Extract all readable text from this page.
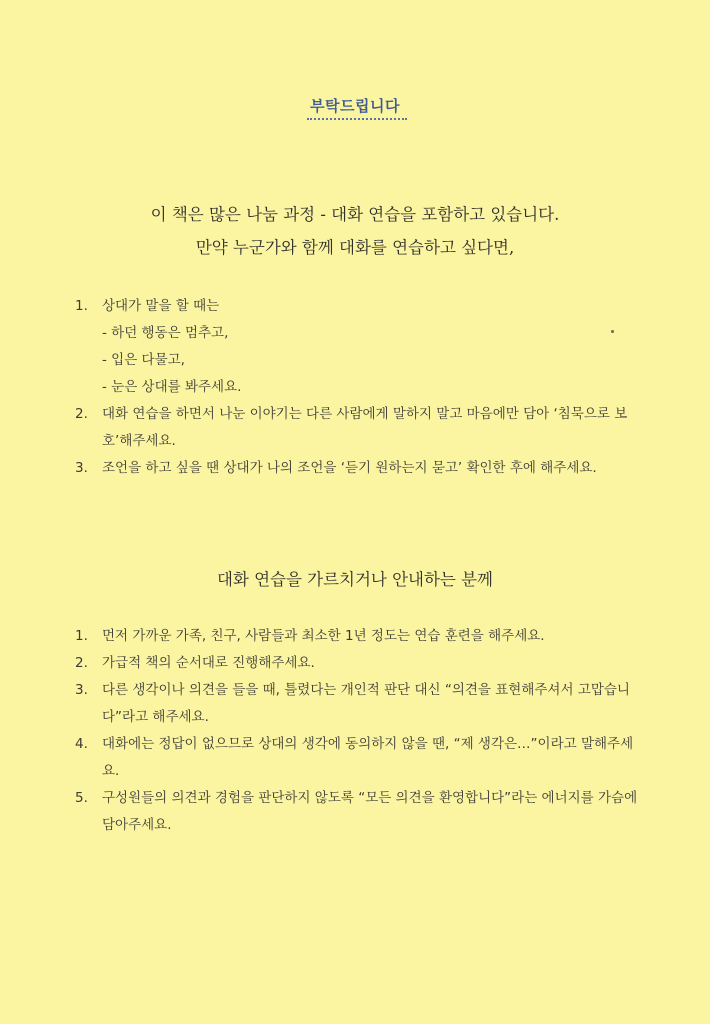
부탁드립니다
이 책은 많은 나눔 과정 - 대화 연습을 포함하고 있습니다.
만약 누군가와 함께 대화를 연습하고 싶다면,
1. 상대가 말을 할 때는
- 하던 행동은 멈추고,
- 입은 다물고,
- 눈은 상대를 봐주세요.
2. 대화 연습을 하면서 나눈 이야기는 다른 사람에게 말하지 말고 마음에만 담아 ‘침묵으로 보호’해주세요.
3. 조언을 하고 싶을 땐 상대가 나의 조언을 ‘듣기 원하는지 묻고’ 확인한 후에 해주세요.
대화 연습을 가르치거나 안내하는 분께
1. 먼저 가까운 가족, 친구, 사람들과 최소한 1년 정도는 연습 훈련을 해주세요.
2. 가급적 책의 순서대로 진행해주세요.
3. 다른 생각이나 의견을 들을 때, 틀렸다는 개인적 판단 대신 “의견을 표현해주셔서 고맙습니다”라고 해주세요.
4. 대화에는 정답이 없으므로 상대의 생각에 동의하지 않을 땐, “제 생각은…”이라고 말해주세요.
5. 구성원들의 의견과 경험을 판단하지 않도록 “모든 의견을 환영합니다”라는 에너지를 가슴에 담아주세요.
